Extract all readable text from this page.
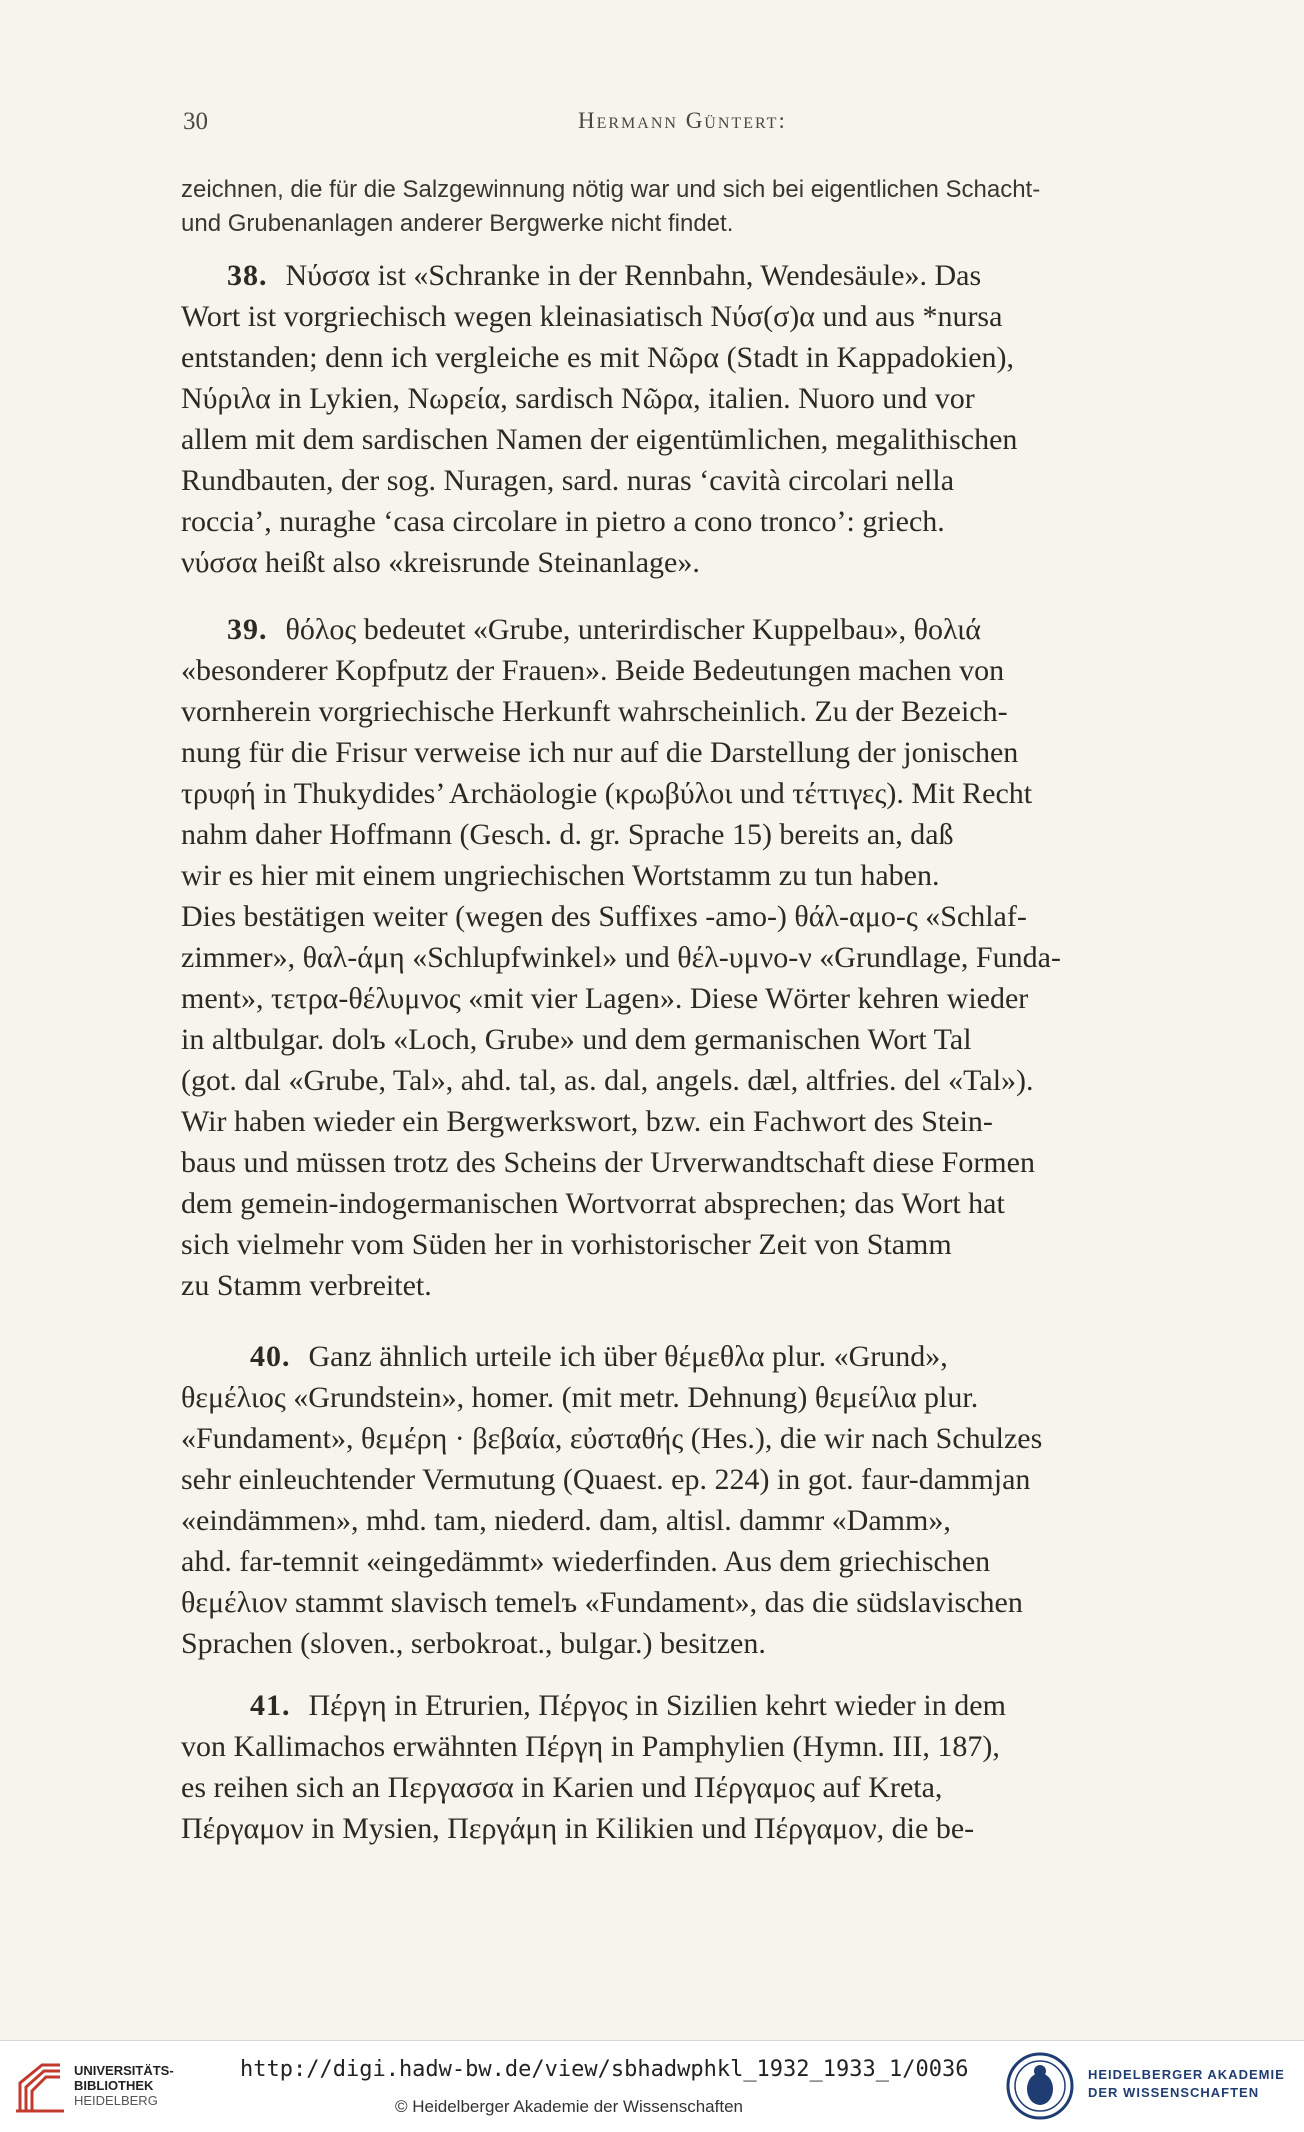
30	Hermann Güntert:
zeichnen, die für die Salzgewinnung nötig war und sich bei eigentlichen Schacht-
und Grubenanlagen anderer Bergwerke nicht findet.
38. Νύσσα ist «Schranke in der Rennbahn, Wendesäule». Das
Wort ist vorgriechisch wegen kleinasiatisch Νύσ(σ)α und aus *nursa
entstanden; denn ich vergleiche es mit Νῶρα (Stadt in Kappadokien),
Νύριλα in Lykien, Νωρεία, sardisch Νῶρα, italien. Nuoro und vor
allem mit dem sardischen Namen der eigentümlichen, megalithischen
Rundbauten, der sog. Nuragen, sard. nuras ‘cavità circolari nella
roccia’, nuraghe ‘casa circolare in pietro a cono tronco’: griech.
νύσσα heißt also «kreisrunde Steinanlage».
39. θόλος bedeutet «Grube, unterirdischer Kuppelbau», θολιά
«besonderer Kopfputz der Frauen». Beide Bedeutungen machen von
vornherein vorgriechische Herkunft wahrscheinlich. Zu der Bezeich-
nung für die Frisur verweise ich nur auf die Darstellung der jonischen
τρυφή in Thukydides’ Archäologie (κρωβύλοι und τέττιγες). Mit Recht
nahm daher Hoffmann (Gesch. d. gr. Sprache 15) bereits an, daß
wir es hier mit einem ungriechischen Wortstamm zu tun haben.
Dies bestätigen weiter (wegen des Suffixes -amo-) θάλ-αμο-ς «Schlaf-
zimmer», θαλ-άμη «Schlupfwinkel» und θέλ-υμνο-ν «Grundlage, Funda-
ment», τετρα-θέλυμνος «mit vier Lagen». Diese Wörter kehren wieder
in altbulgar. dolъ «Loch, Grube» und dem germanischen Wort Tal
(got. dal «Grube, Tal», ahd. tal, as. dal, angels. dæl, altfries. del «Tal»).
Wir haben wieder ein Bergwerkswort, bzw. ein Fachwort des Stein-
baus und müssen trotz des Scheins der Urverwandtschaft diese Formen
dem gemein-indogermanischen Wortvorrat absprechen; das Wort hat
sich vielmehr vom Süden her in vorhistorischer Zeit von Stamm
zu Stamm verbreitet.
40. Ganz ähnlich urteile ich über θέμεθλα plur. «Grund»,
θεμέλιος «Grundstein», homer. (mit metr. Dehnung) θεμείλια plur.
«Fundament», θεμέρη · βεβαία, εὐσταθής (Hes.), die wir nach Schulzes
sehr einleuchtender Vermutung (Quaest. ep. 224) in got. faur-dammjan
«eindämmen», mhd. tam, niederd. dam, altisl. dammr «Damm»,
ahd. far-temnit «eingedämmt» wiederfinden. Aus dem griechischen
θεμέλιον stammt slavisch temelъ «Fundament», das die südslavischen
Sprachen (sloven., serbokroat., bulgar.) besitzen.
41. Πέργη in Etrurien, Πέργος in Sizilien kehrt wieder in dem
von Kallimachos erwähnten Πέργη in Pamphylien (Hymn. III, 187),
es reihen sich an Περγασσα in Karien und Πέργαμος auf Kreta,
Πέργαμον in Mysien, Περγάμη in Kilikien und Πέργαμον, die be-
UNIVERSITÄTS-
BIBLIOTHEK
HEIDELBERG
http://digi.hadw-bw.de/view/sbhadwphkl_1932_1933_1/0036
© Heidelberger Akademie der Wissenschaften
HEIDELBERGER AKADEMIE
DER WISSENSCHAFTEN
